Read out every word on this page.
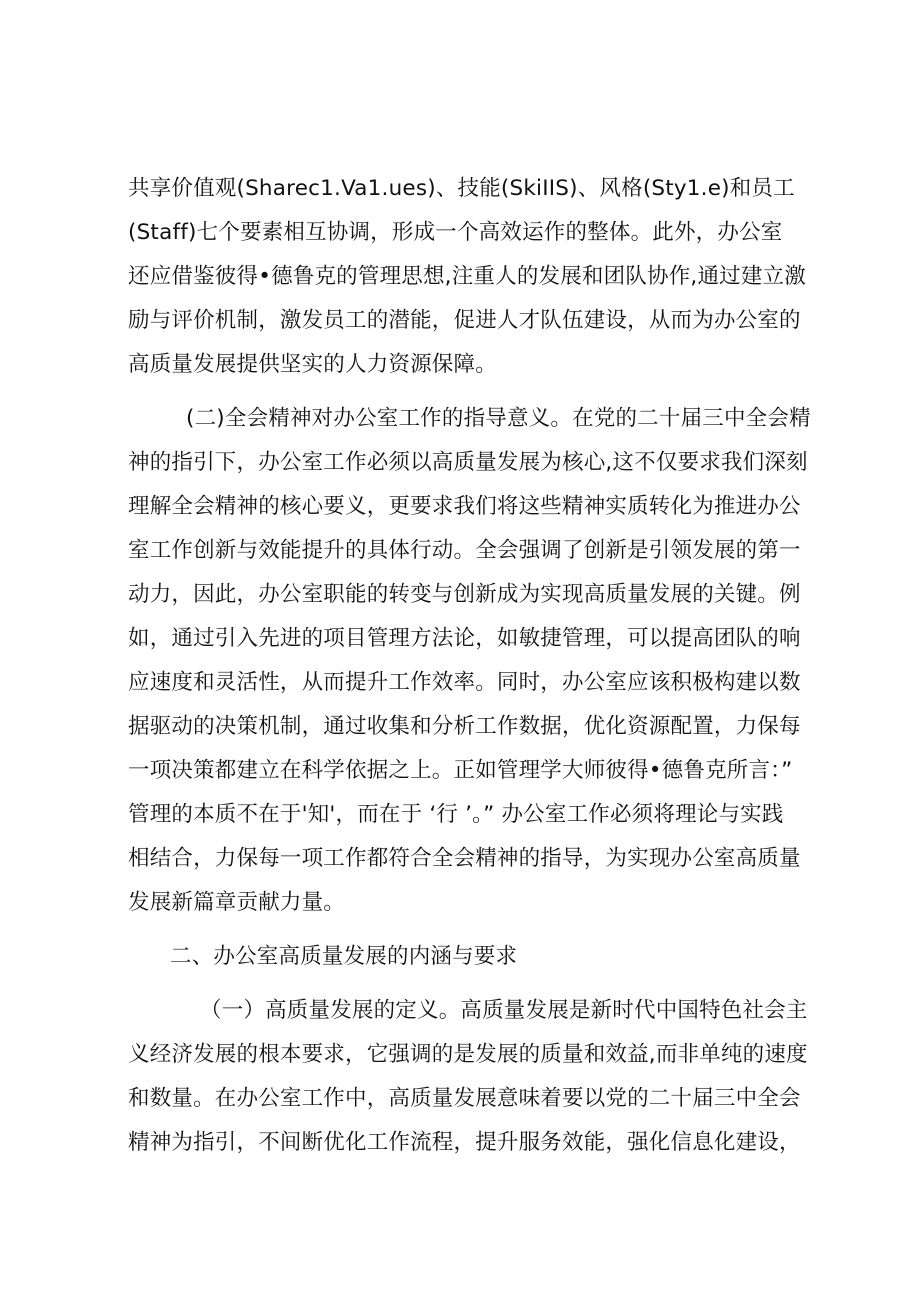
共享价值观(Sharec1.Va1.ues)、技能(SkiIIS)、风格(Sty1.e)和员工
(Staff)七个要素相互协调，形成一个高效运作的整体。此外，办公室
还应借鉴彼得•德鲁克的管理思想,注重人的发展和团队协作,通过建立激
励与评价机制，激发员工的潜能，促进人才队伍建设，从而为办公室的
高质量发展提供坚实的人力资源保障。
(二)全会精神对办公室工作的指导意义。在党的二十届三中全会精
神的指引下，办公室工作必须以高质量发展为核心,这不仅要求我们深刻
理解全会精神的核心要义，更要求我们将这些精神实质转化为推进办公
室工作创新与效能提升的具体行动。全会强调了创新是引领发展的第一
动力，因此，办公室职能的转变与创新成为实现高质量发展的关键。例
如，通过引入先进的项目管理方法论，如敏捷管理，可以提高团队的响
应速度和灵活性，从而提升工作效率。同时，办公室应该积极构建以数
据驱动的决策机制，通过收集和分析工作数据，优化资源配置，力保每
一项决策都建立在科学依据之上。正如管理学大师彼得•德鲁克所言：”
管理的本质不在于'知'，而在于 ‘行 ’。” 办公室工作必须将理论与实践
相结合，力保每一项工作都符合全会精神的指导，为实现办公室高质量
发展新篇章贡献力量。
二、办公室高质量发展的内涵与要求
（一）高质量发展的定义。高质量发展是新时代中国特色社会主
义经济发展的根本要求，它强调的是发展的质量和效益,而非单纯的速度
和数量。在办公室工作中，高质量发展意味着要以党的二十届三中全会
精神为指引，不间断优化工作流程，提升服务效能，强化信息化建设，
